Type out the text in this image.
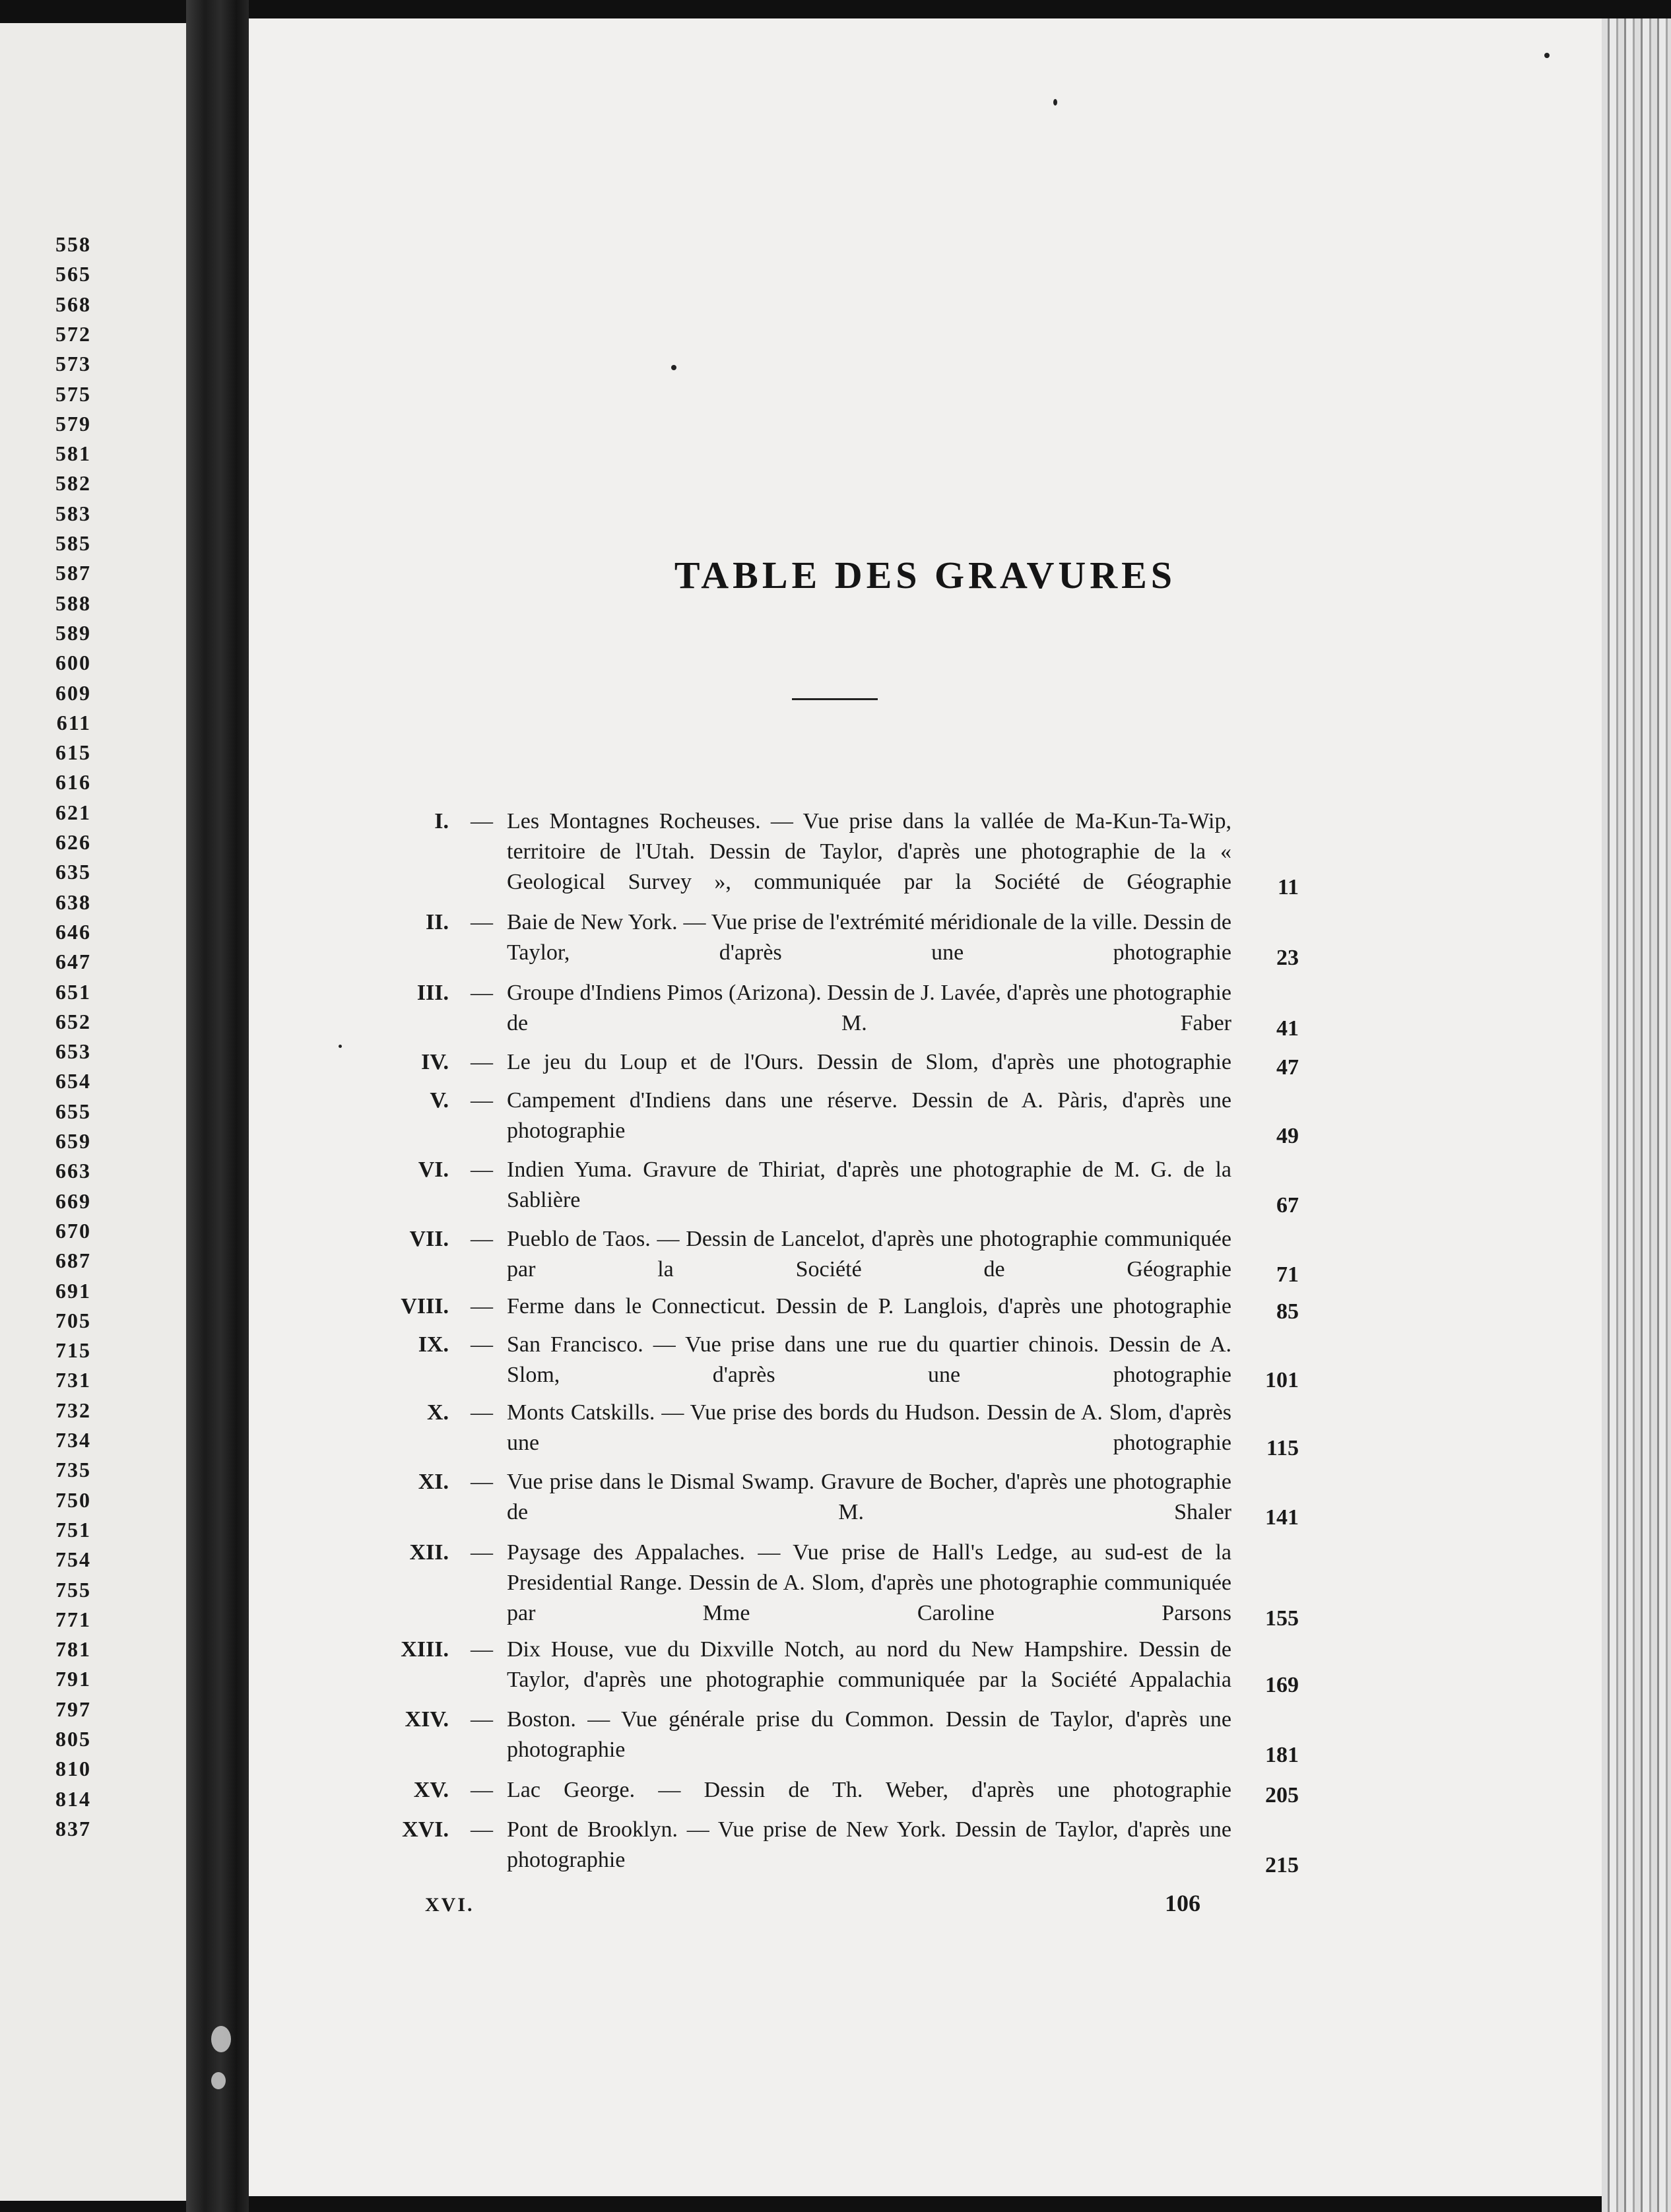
558
565
568
572
573
575
579
581
582
583
585
587
588
589
600
609
611
615
616
621
626
635
638
646
647
651
652
653
654
655
659
663
669
670
687
691
705
715
731
732
734
735
750
751
754
755
771
781
791
797
805
810
814
837
TABLE DES GRAVURES
I. — Les Montagnes Rocheuses. — Vue prise dans la vallée de Ma-Kun-Ta-Wip, territoire de l'Utah. Dessin de Taylor, d'après une photographie de la « Geological Survey », communiquée par la Société de Géographie	11
II. — Baie de New York. — Vue prise de l'extrémité méridionale de la ville. Dessin de Taylor, d'après une photographie	23
III. — Groupe d'Indiens Pimos (Arizona). Dessin de J. Lavée, d'après une photographie de M. Faber	41
IV. — Le jeu du Loup et de l'Ours. Dessin de Slom, d'après une photographie	47
V. — Campement d'Indiens dans une réserve. Dessin de A. Pàris, d'après une photographie	49
VI. — Indien Yuma. Gravure de Thiriat, d'après une photographie de M. G. de la Sablière	67
VII. — Pueblo de Taos. — Dessin de Lancelot, d'après une photographie communiquée par la Société de Géographie	71
VIII. — Ferme dans le Connecticut. Dessin de P. Langlois, d'après une photographie	85
IX. — San Francisco. — Vue prise dans une rue du quartier chinois. Dessin de A. Slom, d'après une photographie	101
X. — Monts Catskills. — Vue prise des bords du Hudson. Dessin de A. Slom, d'après une photographie	115
XI. — Vue prise dans le Dismal Swamp. Gravure de Bocher, d'après une photographie de M. Shaler	141
XII. — Paysage des Appalaches. — Vue prise de Hall's Ledge, au sud-est de la Presidential Range. Dessin de A. Slom, d'après une photographie communiquée par Mme Caroline Parsons	155
XIII. — Dix House, vue du Dixville Notch, au nord du New Hampshire. Dessin de Taylor, d'après une photographie communiquée par la Société Appalachia	169
XIV. — Boston. — Vue générale prise du Common. Dessin de Taylor, d'après une photographie	181
XV. — Lac George. — Dessin de Th. Weber, d'après une photographie	205
XVI. — Pont de Brooklyn. — Vue prise de New York. Dessin de Taylor, d'après une photographie	215
XVI.	106
